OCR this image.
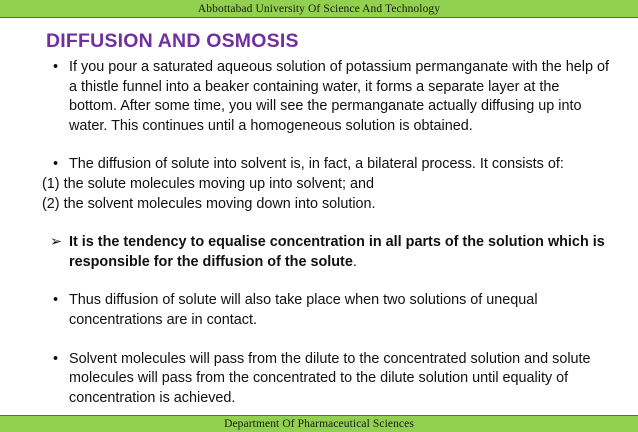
Abbottabad University Of Science And Technology
DIFFUSION AND OSMOSIS
• If you pour a saturated aqueous solution of potassium permanganate with the help of a thistle funnel into a beaker containing water, it forms a separate layer at the bottom. After some time, you will see the permanganate actually diffusing up into water. This continues until a homogeneous solution is obtained.
• The diffusion of solute into solvent is, in fact, a bilateral process. It consists of:
(1) the solute molecules moving up into solvent; and
(2) the solvent molecules moving down into solution.
➢ It is the tendency to equalise concentration in all parts of the solution which is responsible for the diffusion of the solute.
• Thus diffusion of solute will also take place when two solutions of unequal concentrations are in contact.
• Solvent molecules will pass from the dilute to the concentrated solution and solute molecules will pass from the concentrated to the dilute solution until equality of concentration is achieved.
Department Of Pharmaceutical Sciences
